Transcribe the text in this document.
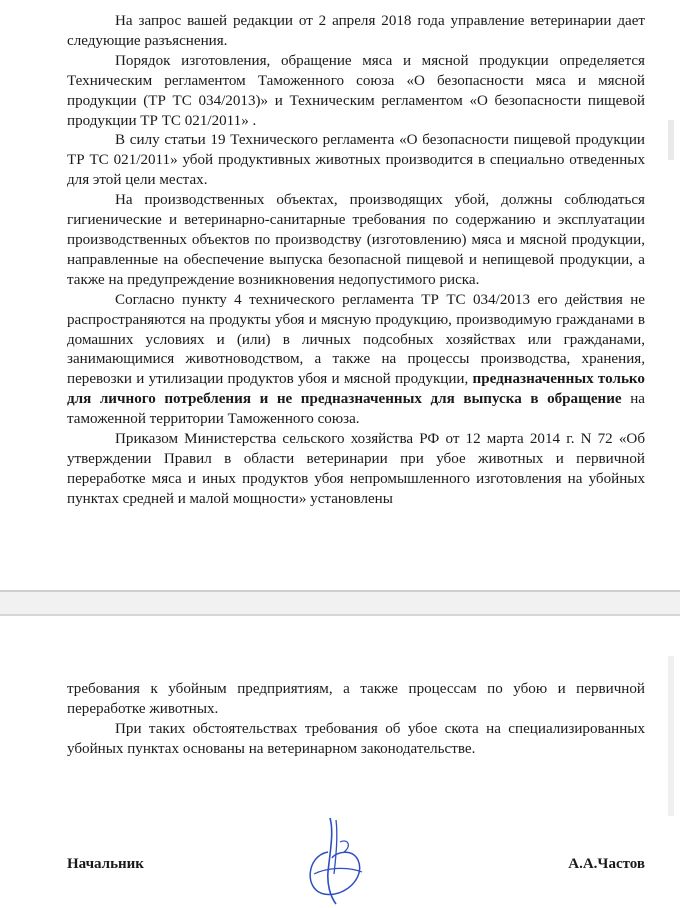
На запрос вашей редакции от 2 апреля 2018 года управление ветеринарии дает следующие разъяснения.

Порядок изготовления, обращение мяса и мясной продукции определяется Техническим регламентом Таможенного союза «О безопасности мяса и мясной продукции (ТР ТС 034/2013)» и Техническим регламентом «О безопасности пищевой продукции ТР ТС 021/2011» .

В силу статьи 19 Технического регламента «О безопасности пищевой продукции ТР ТС 021/2011» убой продуктивных животных производится в специально отведенных для этой цели местах.

На производственных объектах, производящих убой, должны соблюдаться гигиенические и ветеринарно-санитарные требования по содержанию и эксплуатации производственных объектов по производству (изготовлению) мяса и мясной продукции, направленные на обеспечение выпуска безопасной пищевой и непищевой продукции, а также на предупреждение возникновения недопустимого риска.

Согласно пункту 4 технического регламента ТР ТС 034/2013 его действия не распространяются на продукты убоя и мясную продукцию, производимую гражданами в домашних условиях и (или) в личных подсобных хозяйствах или гражданами, занимающимися животноводством, а также на процессы производства, хранения, перевозки и утилизации продуктов убоя и мясной продукции, предназначенных только для личного потребления и не предназначенных для выпуска в обращение на таможенной территории Таможенного союза.

Приказом Министерства сельского хозяйства РФ от 12 марта 2014 г. N 72 «Об утверждении Правил в области ветеринарии при убое животных и первичной переработке мяса и иных продуктов убоя непромышленного изготовления на убойных пунктах средней и малой мощности» установлены

требования к убойным предприятиям, а также процессам по убою и первичной переработке животных.

При таких обстоятельствах требования об убое скота на специализированных убойных пунктах основаны на ветеринарном законодательстве.

Начальник	А.А.Частов
